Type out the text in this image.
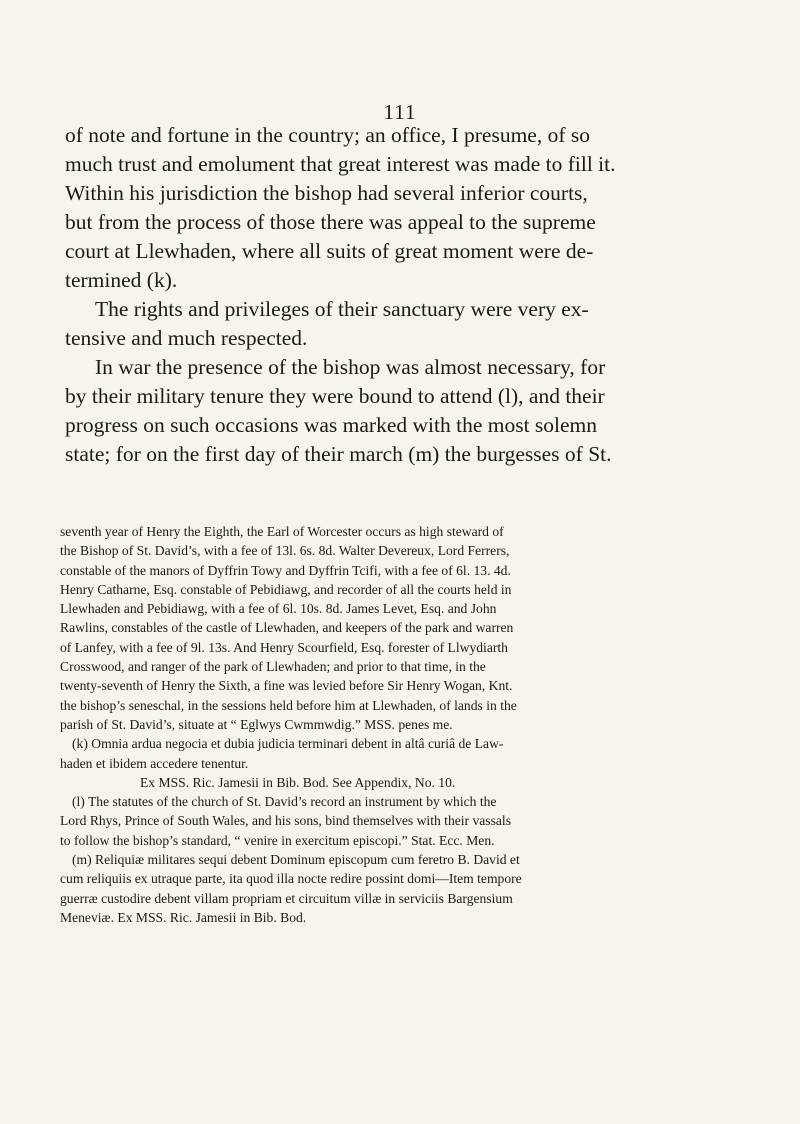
111

of note and fortune in the country; an office, I presume, of so

much trust and emolument that great interest was made to fill it.

Within his jurisdiction the bishop had several inferior courts,

but from the process of those there was appeal to the supreme

court at Llewhaden, where all suits of great moment were de-

termined (k).

The rights and privileges of their sanctuary were very ex-

tensive and much respected.

In war the presence of the bishop was almost necessary, for

by their military tenure they were bound to attend (l), and their

progress on such occasions was marked with the most solemn

state; for on the first day of their march (m) the burgesses of St.

seventh year of Henry the Eighth, the Earl of Worcester occurs as high steward of

the Bishop of St. David’s, with a fee of 13l. 6s. 8d. Walter Devereux, Lord Ferrers,

constable of the manors of Dyffrin Towy and Dyffrin Tcifi, with a fee of 6l. 13. 4d.

Henry Catharne, Esq. constable of Pebidiawg, and recorder of all the courts held in

Llewhaden and Pebidiawg, with a fee of 6l. 10s. 8d. James Levet, Esq. and John

Rawlins, constables of the castle of Llewhaden, and keepers of the park and warren

of Lanfey, with a fee of 9l. 13s. And Henry Scourfield, Esq. forester of Llwydiarth

Crosswood, and ranger of the park of Llewhaden; and prior to that time, in the

twenty-seventh of Henry the Sixth, a fine was levied before Sir Henry Wogan, Knt.

the bishop’s seneschal, in the sessions held before him at Llewhaden, of lands in the

parish of St. David’s, situate at “ Eglwys Cwmmwdig.” MSS. penes me.

(k) Omnia ardua negocia et dubia judicia terminari debent in altâ curiâ de Law-

haden et ibidem accedere tenentur.

Ex MSS. Ric. Jamesii in Bib. Bod. See Appendix, No. 10.

(l) The statutes of the church of St. David’s record an instrument by which the

Lord Rhys, Prince of South Wales, and his sons, bind themselves with their vassals

to follow the bishop’s standard, “ venire in exercitum episcopi.” Stat. Ecc. Men.

(m) Reliquiæ militares sequi debent Dominum episcopum cum feretro B. David et

cum reliquiis ex utraque parte, ita quod illa nocte redire possint domi—Item tempore

guerræ custodire debent villam propriam et circuitum villæ in serviciis Bargensium

Meneviæ. Ex MSS. Ric. Jamesii in Bib. Bod.
